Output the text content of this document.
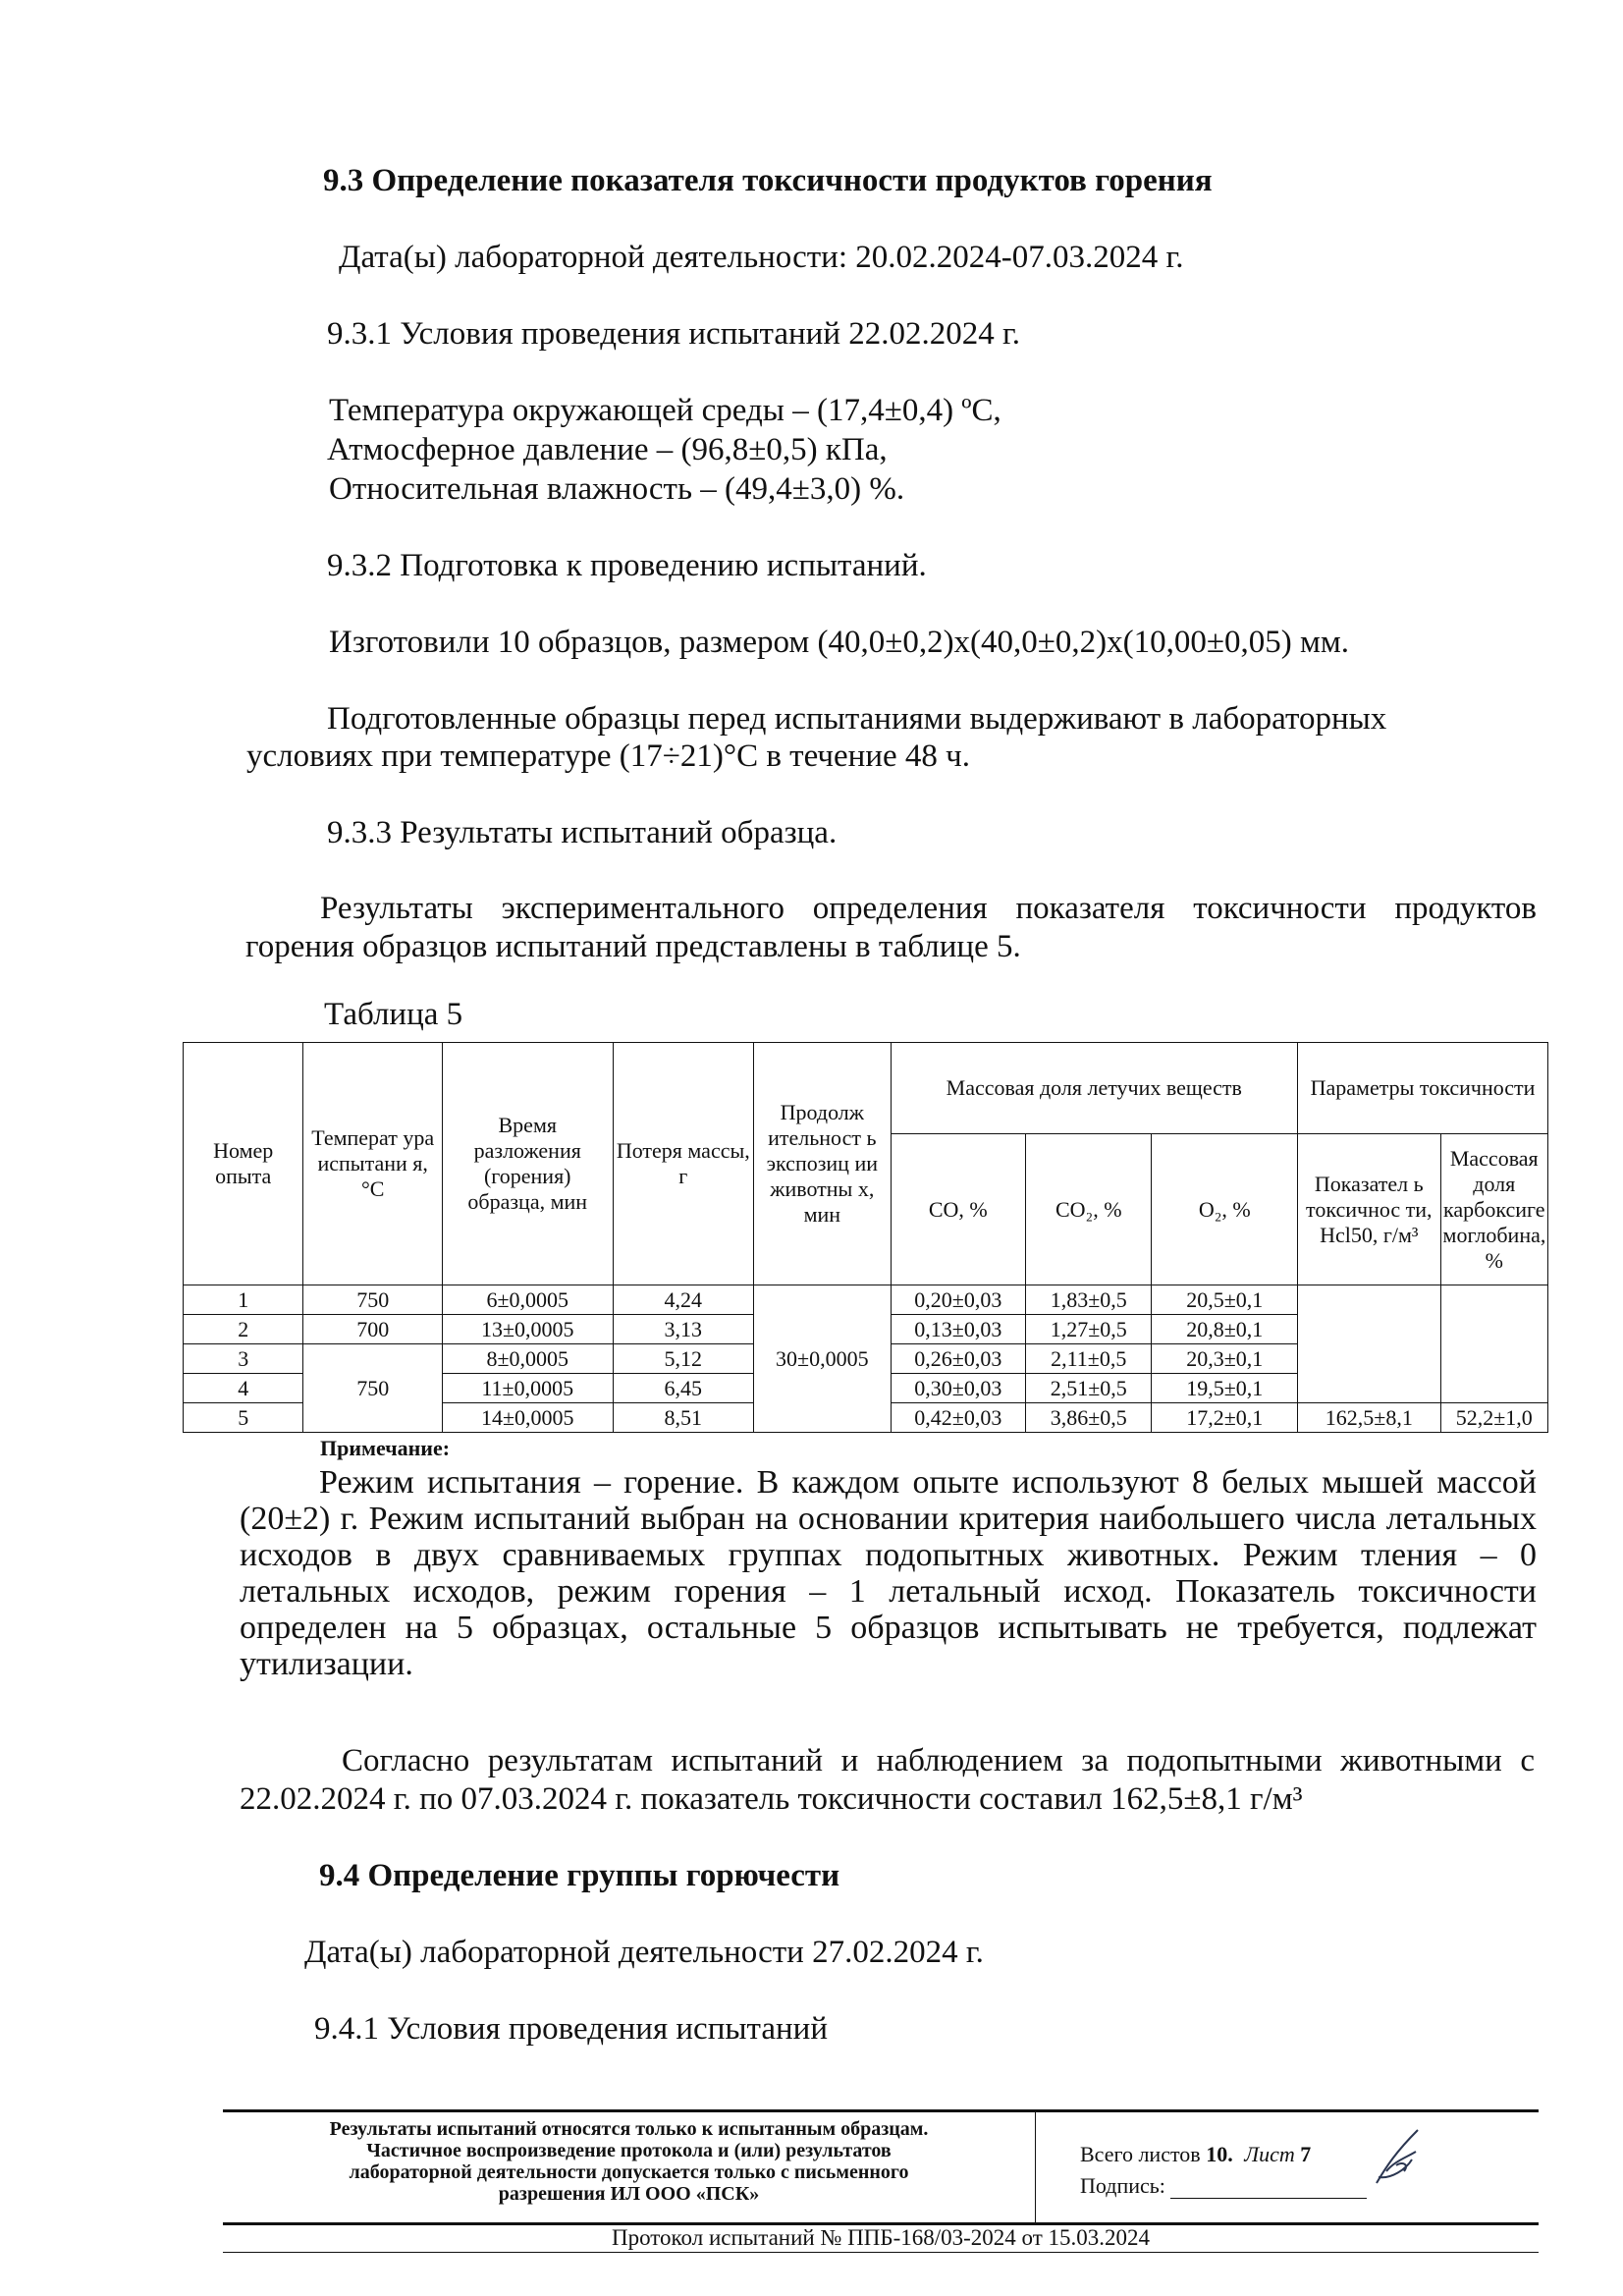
9.3 Определение показателя токсичности продуктов горения
Дата(ы) лабораторной деятельности: 20.02.2024-07.03.2024 г.
9.3.1 Условия проведения испытаний 22.02.2024 г.
Температура окружающей среды – (17,4±0,4) ºС,
Атмосферное давление – (96,8±0,5) кПа,
Относительная влажность – (49,4±3,0) %.
9.3.2 Подготовка к проведению испытаний.
Изготовили 10 образцов, размером (40,0±0,2)х(40,0±0,2)х(10,00±0,05) мм.
Подготовленные образцы перед испытаниями выдерживают в лабораторных
условиях при температуре (17÷21)°С в течение 48 ч.
9.3.3 Результаты испытаний образца.
Результаты экспериментального определения показателя токсичности продуктов
горения образцов испытаний представлены в таблице 5.
Таблица 5
Номер опыта	Температ ура испытани я, °С	Время разложения (горения) образца, мин	Потеря массы, г	Продолж ительност ь экспозиц ии животны х, мин	Массовая доля летучих веществ			Параметры токсичности	
					CO, %	CO₂, %	O₂, %	Показател ь токсичнос ти, Hcl50, г/м³	Массовая доля карбоксиге моглобина, %
1	750	6±0,0005	4,24	30±0,0005	0,20±0,03	1,83±0,5	20,5±0,1		
2	700	13±0,0005	3,13		0,13±0,03	1,27±0,5	20,8±0,1		
3	750	8±0,0005	5,12		0,26±0,03	2,11±0,5	20,3±0,1		
4		11±0,0005	6,45		0,30±0,03	2,51±0,5	19,5±0,1		
5		14±0,0005	8,51		0,42±0,03	3,86±0,5	17,2±0,1	162,5±8,1	52,2±1,0
Примечание:
Режим испытания – горение. В каждом опыте используют 8 белых мышей массой
(20±2) г. Режим испытаний выбран на основании критерия наибольшего числа летальных
исходов в двух сравниваемых группах подопытных животных. Режим тления – 0
летальных исходов, режим горения – 1 летальный исход. Показатель токсичности
определен на 5 образцах, остальные 5 образцов испытывать не требуется, подлежат
утилизации.
Согласно результатам испытаний и наблюдением за подопытными животными с
22.02.2024 г. по 07.03.2024 г. показатель токсичности составил 162,5±8,1 г/м³
9.4 Определение группы горючести
Дата(ы) лабораторной деятельности 27.02.2024 г.
9.4.1 Условия проведения испытаний
Результаты испытаний относятся только к испытанным образцам.
Частичное воспроизведение протокола и (или) результатов
лабораторной деятельности допускается только с письменного
разрешения ИЛ ООО «ПСК»
Всего листов 10. Лист 7
Подпись:
Протокол испытаний № ППБ-168/03-2024 от 15.03.2024
